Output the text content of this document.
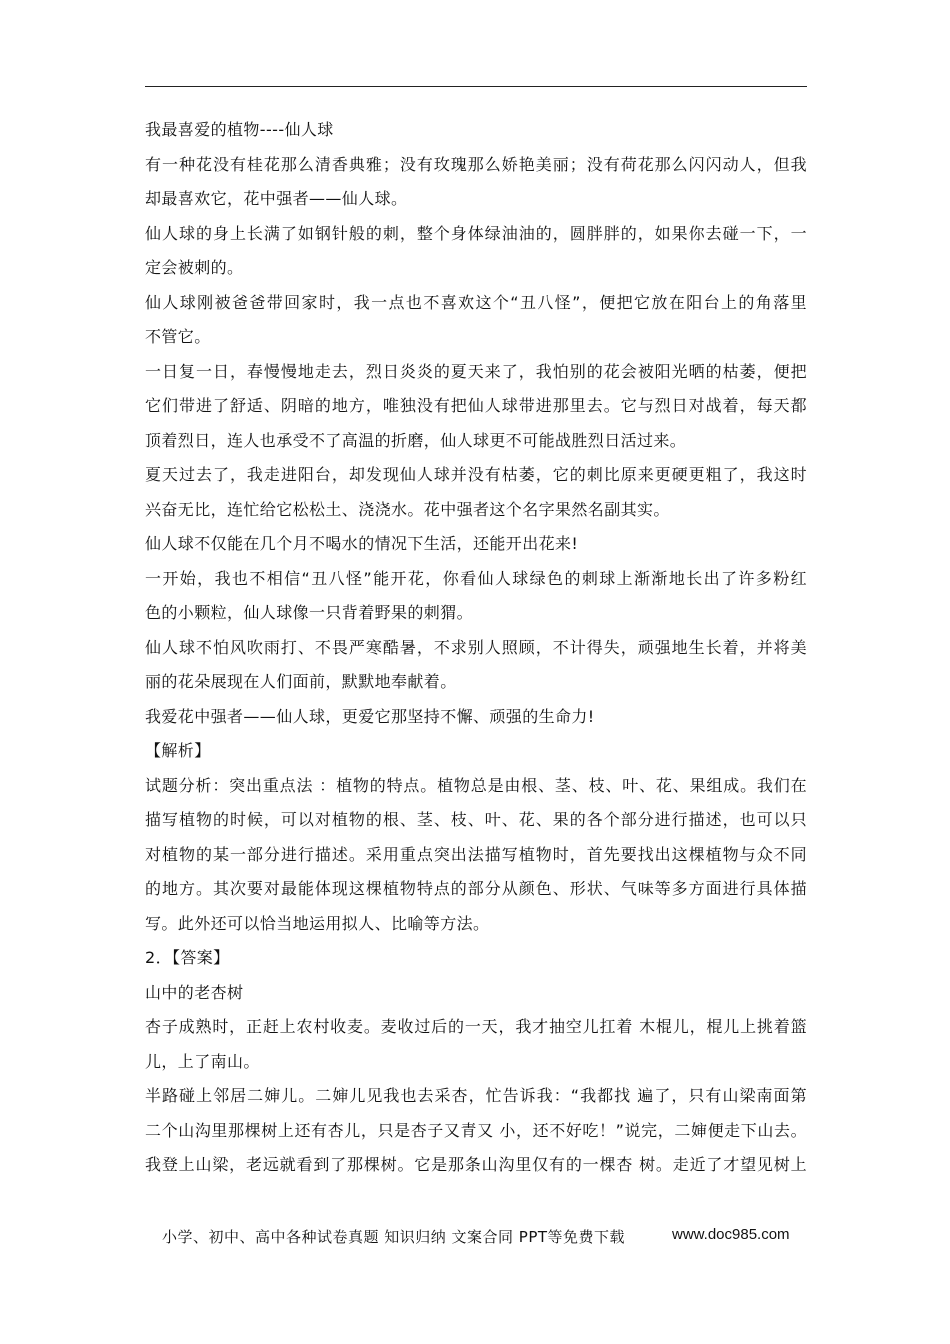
我最喜爱的植物----仙人球
有一种花没有桂花那么清香典雅；没有玫瑰那么娇艳美丽；没有荷花那么闪闪动人，但我
却最喜欢它，花中强者——仙人球。
仙人球的身上长满了如钢针般的刺，整个身体绿油油的，圆胖胖的，如果你去碰一下，一
定会被刺的。
仙人球刚被爸爸带回家时，我一点也不喜欢这个“丑八怪”，便把它放在阳台上的角落里
不管它。
一日复一日，春慢慢地走去，烈日炎炎的夏天来了，我怕别的花会被阳光晒的枯萎，便把
它们带进了舒适、阴暗的地方，唯独没有把仙人球带进那里去。它与烈日对战着，每天都
顶着烈日，连人也承受不了高温的折磨，仙人球更不可能战胜烈日活过来。
夏天过去了，我走进阳台，却发现仙人球并没有枯萎，它的刺比原来更硬更粗了，我这时
兴奋无比，连忙给它松松土、浇浇水。花中强者这个名字果然名副其实。
仙人球不仅能在几个月不喝水的情况下生活，还能开出花来!
一开始，我也不相信“丑八怪”能开花，你看仙人球绿色的刺球上渐渐地长出了许多粉红
色的小颗粒，仙人球像一只背着野果的刺猬。
仙人球不怕风吹雨打、不畏严寒酷暑，不求别人照顾，不计得失，顽强地生长着，并将美
丽的花朵展现在人们面前，默默地奉献着。
我爱花中强者——仙人球，更爱它那坚持不懈、顽强的生命力!
【解析】
试题分析：突出重点法 ：植物的特点。植物总是由根、茎、枝、叶、花、果组成。我们在
描写植物的时候，可以对植物的根、茎、枝、叶、花、果的各个部分进行描述，也可以只
对植物的某一部分进行描述。采用重点突出法描写植物时，首先要找出这棵植物与众不同
的地方。其次要对最能体现这棵植物特点的部分从颜色、形状、气味等多方面进行具体描
写。此外还可以恰当地运用拟人、比喻等方法。
2．【答案】
山中的老杏树
杏子成熟时，正赶上农村收麦。麦收过后的一天，我才抽空儿扛着 木棍儿，棍儿上挑着篮
儿，上了南山。
半路碰上邻居二婶儿。二婶儿见我也去采杏，忙告诉我：“我都找 遍了，只有山梁南面第
二个山沟里那棵树上还有杏儿，只是杏子又青又 小，还不好吃！”说完，二婶便走下山去。
我登上山梁，老远就看到了那棵树。它是那条山沟里仅有的一棵杏 树。走近了才望见树上
小学、初中、高中各种试卷真题 知识归纳 文案合同 PPT等免费下载	www.doc985.com
